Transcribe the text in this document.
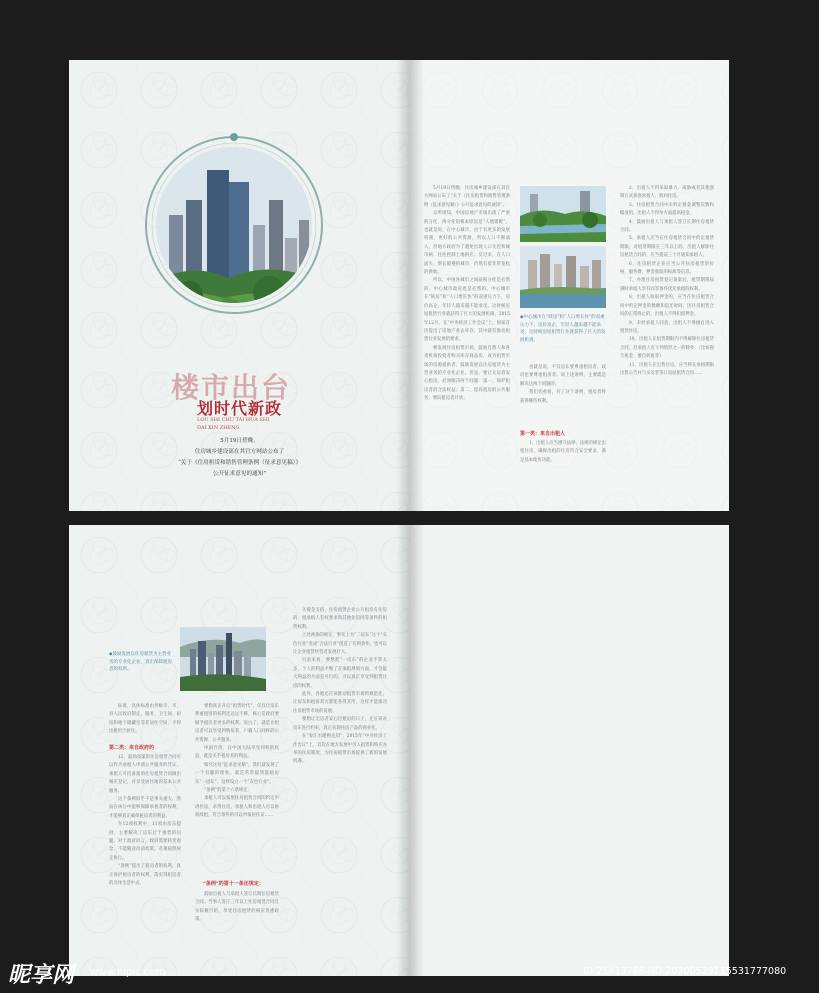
楼市出台
划时代新政
LOU SHI CHU TAI HUA SHI
DAI XIN ZHENG
5月19日傍晚，
住房城乡建设部在其官方网站公布了
“关于《住房租赁和销售管理条例（征求意见稿）》
公开征求意见的通知”

5月19日傍晚，住房城乡建设部在其官方网站公布了“关于《住房租赁和销售管理条例（征求意见稿）》公开征求意见的通知”。

众所周知，中国房地产市场出现了严重的分化，两分化的根本原因是“人地错配”，也就是说，在中心城市，由于有更多的发展机遇，更好的公共资源，所以人口不断涌入，但地方政府为了避免出现人口失控和城市病，往往控制土地供应；反过来，在人口流失、增长缓慢的城市，仍然有着非常宽松的供地。

所以，中国各城市之间面积分化是必然的。中心城市政府也是必然的。中心城市在“缺房”和“人口增长快”的双重压力下，房价高企，年轻人越来越不能承受。这时候房屋租赁行业就获得了巨大的发展机遇。2015年12月，在“中央经济工作会议”上，国家首次提出了房地产业去库存，其中就有推动租赁行业发展的要求。

要发展住房租赁市场，鼓励自然人和各类机构投资者购买库存商品房，成为租赁市场的房源提供者，鼓励发展以住房租赁为主营业务的专业化企业。但是，要让无房者安心租房，必须解决两个问题：第一，保护租房者的合法权益；第二，提高租房的公共服务，要向租房者开放。

◆中心城市在“缺房”和“人口增长快”的双重压力下，房价高企，年轻人越来越不能承受，这时候房屋租赁行业就获得了巨大的发展机遇。

也就是说，不仅房东要尊重租房者，政府也要尊重租房者。而上述条例，主要就是解决这两个问题的。

我们先看看，有了这个条例，租房者将获得哪些权利。

第一类：来自出租人

1、出租人应当遵守法律、法规的规定出租住房，确保出租的住房符合安全要求，满足基本使用功能。

2、出租人不得采取暴力、威胁或者其他强制方式驱逐承租人、收回住房。

3、住房租赁合同中未约定租金调整次数和幅度的，出租人不得单方面提高租金。

4、鼓励出租人与承租人签订长期住房租赁合同。

5、承租人应当在住房租赁合同中约定租赁期限，对租赁期限在三年以上的，出租人解除住房租赁合同的，应当提前三个月通知承租人。

6、住房租赁企业应当公开住房租赁的价格、服务费、押金收取的标准等信息。

7、办理住房租赁登记备案后，租赁期限届满时承租人享有同等条件优先承租的权利。

8、出租人收取押金的，应当在住房租赁合同中约定押金的数额和返还时间，因住房租赁合同的正常终止的，出租人不得扣留押金。

9、未经承租人同意，出租人不得擅自进入租赁住房。

10、出租人在租赁期限内不得解除住房租赁合同，但承租人有下列情形之一的除外：（比如拖欠租金、擅自转租等）

11、出租人在出售住房，应当将在承租期限出售公告并与买受者签订房屋租赁合同……

◆鼓励发展以住房租赁为主营业务的专业化企业，真正保障租房者的权利。

标准，具体标准由县级市、市、县人民政府制定，服务、卫生间、厨房和地下储藏室等非居住空间，不得出租用于居住。

第二类：来自政府的

12、鼓励备案的住房租赁合同可以作为承租人申请公共服务的凭证，承租人可持备案的住房租赁合同做出相应登记，并享受居住地的基本公共服务。

这个条例似乎不是事关重大，然而在执行中能够保障承租者的权利，才能够真正确保租房者的利益。

在12项权利中，11项由房东提供。主要解决了房东过于强势的问题。对于政府而言，政府需要转变观念，不能随意改动政策，必须按照规定执行。

“条例”提出了租房者的权利，真正保护租房者的权利，落实到租房者的具体生活中去。

要想真正开启“租赁时代”，仅仅让房东尊重租客的权利还远远不够，核心是政府要赋予租房者更多的权利。说白了，就是让租房者可以享受到购房者、户籍人口同样的公共资源、公共服务。

中国台湾，在中国大陆享受同样的权益，就是关乎租房者的利益。

细究这份“征求意见稿”，我们就发现了一个有趣的现象，就是常常提到鼓励房东“一房东”，这样设立一个“友邑行业”。

“条例”的第十六条规定：

承租人可以按照住房租赁合同的约定申请住房，求得住房，承租人和出租人可以协商续租，符合条件的可以申领居住证……

“条例”的第十一条还规定：

鼓励出租人与承租人签订长期住房租赁合同。当事人签订三年以上住房租赁合同且实际履行的，享受住房租赁的相应优惠政策。

关键是支持，住房租赁企业公开租房有住房的，租承租人有权要求和其他住房同等条件的租赁权利。

上述两条的规定，事实上为“二房东”这个“灰色行业”变成“合法行业”创造了有利条件。也可以让企业租赁经营者发展壮大。

目前来看，要想把“一房东”的企业不算太多，个人的利益平衡了在承租规划方面，才会最大利益的方面是可行的，可以真正享受到租赁住房的权利。

此外，各地还应该推动租赁市场的规范化，让房东和租客双方都能各得其所，这样才能推动住房租赁市场的发展。

要想让无房者安心过租房的日子，还应该对房东进行约束，真正实现住房产品的商业化。

在“春江水暖鸭先知”，2015年“中央经济工作会议”上，首次在地方发展中引入租赁和购买并举的住房制度，为住房租赁市场提供了新的发展机遇。

昵享网 www.nipic.com	ID:21413768 NO:20200529115531777080
